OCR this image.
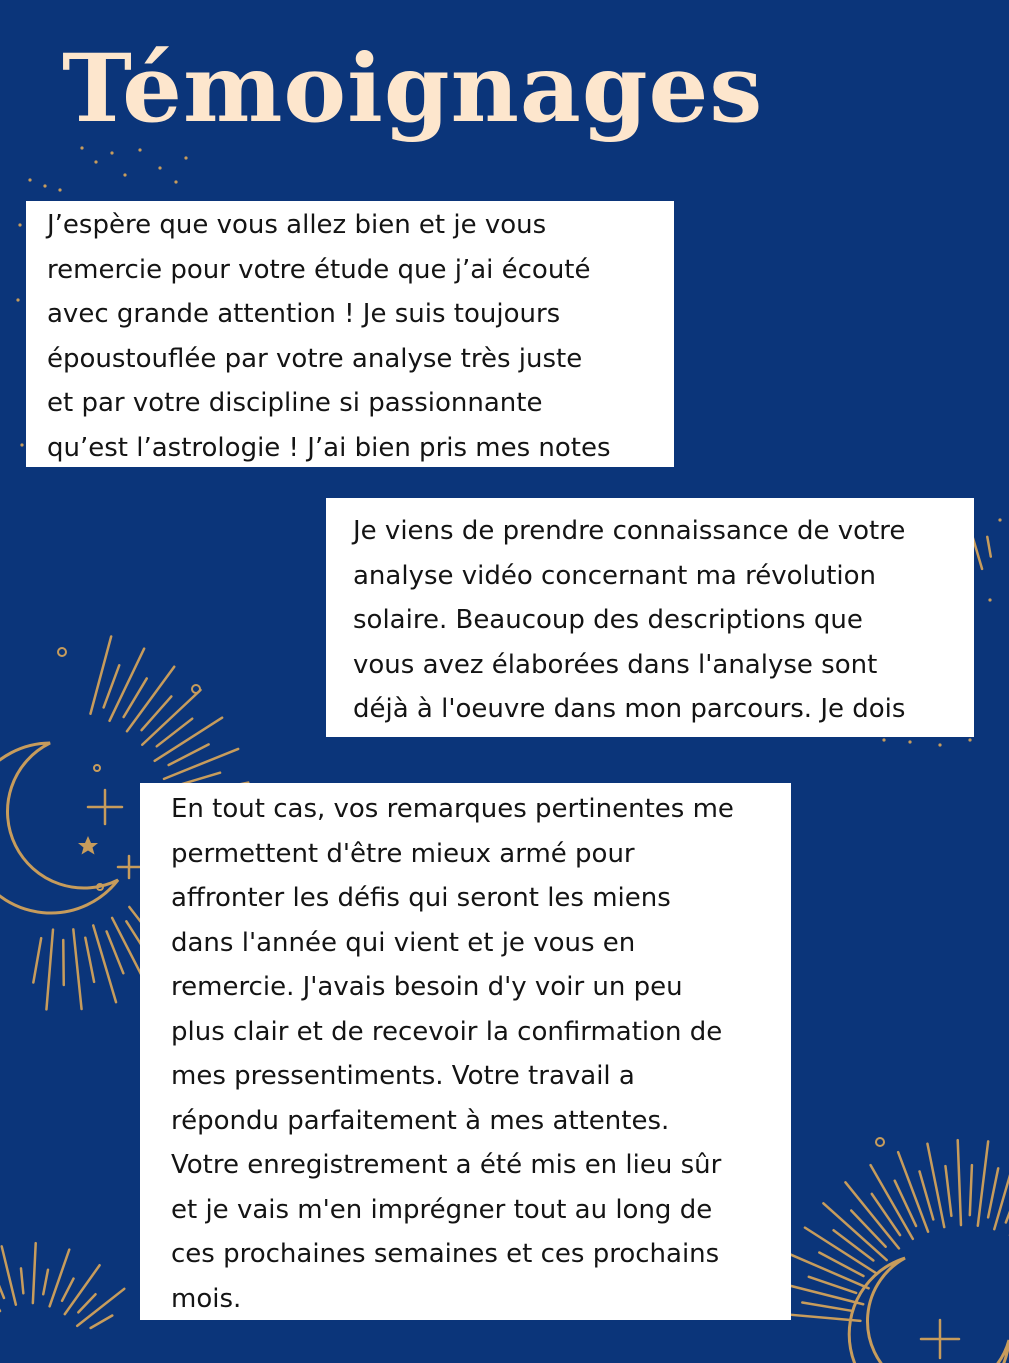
Témoignages

J’espère que vous allez bien et je vous

remercie pour votre étude que j’ai écouté

avec grande attention ! Je suis toujours

époustouflée par votre analyse très juste

et par votre discipline si passionnante

qu’est l’astrologie ! J’ai bien pris mes notes

Je viens de prendre connaissance de votre

analyse vidéo concernant ma révolution

solaire. Beaucoup des descriptions que

vous avez élaborées dans l'analyse sont

déjà à l'oeuvre dans mon parcours. Je dois

En tout cas, vos remarques pertinentes me

permettent d'être mieux armé pour

affronter les défis qui seront les miens

dans l'année qui vient et je vous en

remercie. J'avais besoin d'y voir un peu

plus clair et de recevoir la confirmation de

mes pressentiments. Votre travail a

répondu parfaitement à mes attentes.

Votre enregistrement a été mis en lieu sûr

et je vais m'en imprégner tout au long de

ces prochaines semaines et ces prochains

mois.
